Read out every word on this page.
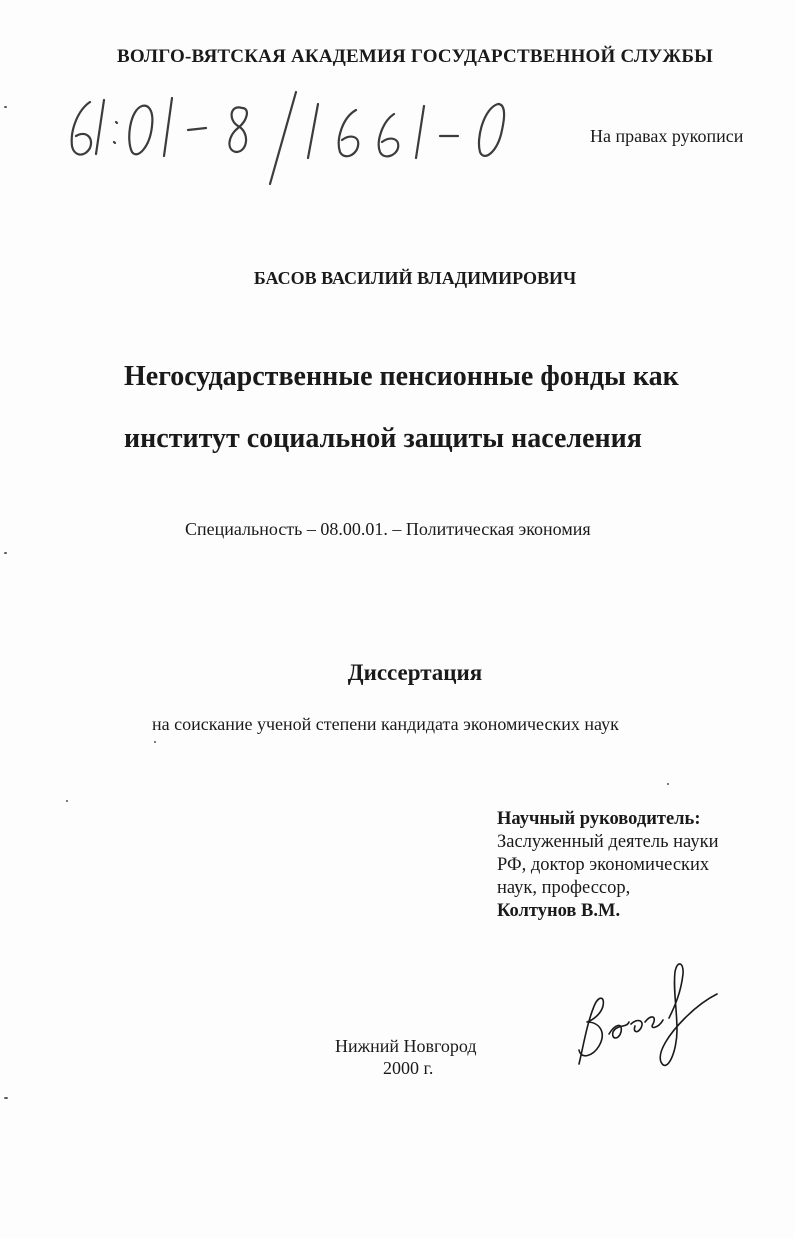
ВОЛГО-ВЯТСКАЯ АКАДЕМИЯ ГОСУДАРСТВЕННОЙ СЛУЖБЫ
На правах рукописи
БАСОВ ВАСИЛИЙ ВЛАДИМИРОВИЧ
Негосударственные пенсионные фонды как
институт социальной защиты населения
Специальность – 08.00.01. – Политическая экономия
Диссертация
на соискание ученой степени кандидата экономических наук
Научный руководитель:
Заслуженный деятель науки
РФ, доктор экономических
наук, профессор,
Колтунов В.М.
Нижний Новгород
2000 г.
